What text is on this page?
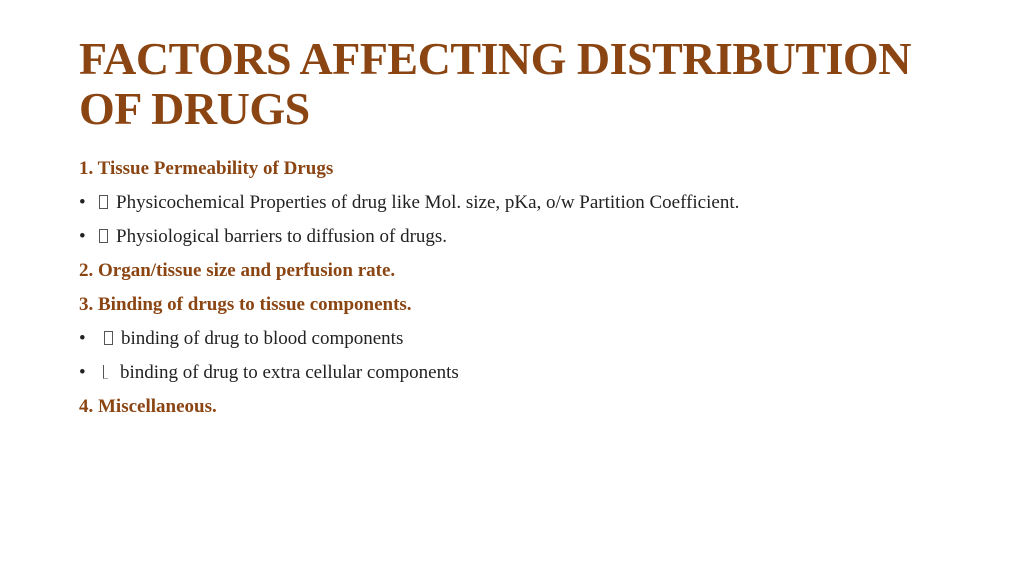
FACTORS AFFECTING DISTRIBUTION
OF DRUGS
1. Tissue Permeability of Drugs
• Physicochemical Properties of drug like Mol. size, pKa, o/w Partition Coefficient.
• Physiological barriers to diffusion of drugs.
2. Organ/tissue size and perfusion rate.
3. Binding of drugs to tissue components.
• binding of drug to blood components
• binding of drug to extra cellular components
4. Miscellaneous.
